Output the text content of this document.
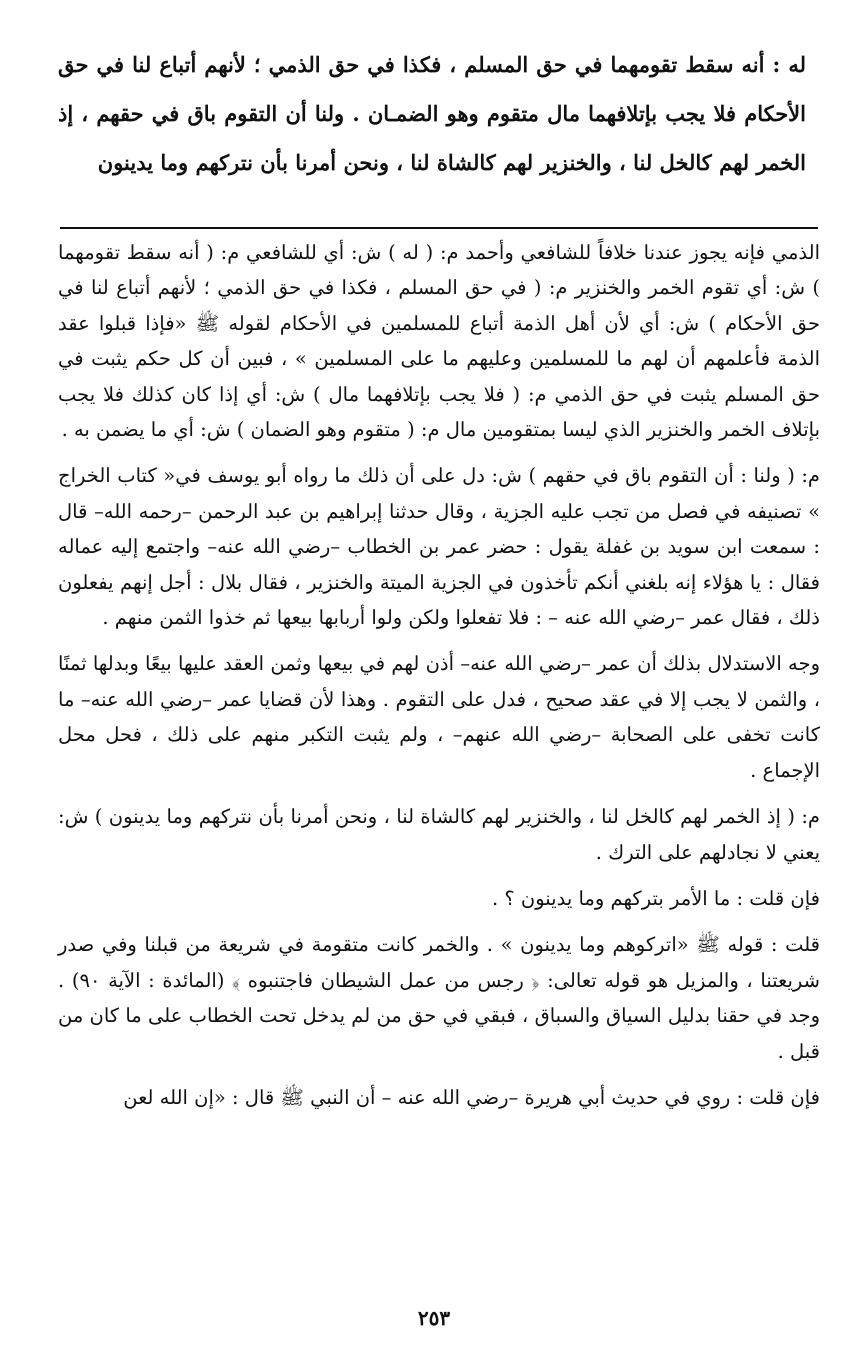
له : أنه سقط تقومهما في حق المسلم ، فكذا في حق الذمي ؛ لأنهم أتباع لنا في حق الأحكام فلا يجب بإتلافهما مال متقوم وهو الضمـان . ولنا أن التقوم باق في حقهم ، إذ الخمر لهم كالخل لنا ، والخنزير لهم كالشاة لنا ، ونحن أمرنا بأن نتركهم وما يدينون

الذمي فإنه يجوز عندنا خلافاً للشافعي وأحمد م: ( له ) ش: أي للشافعي م: ( أنه سقط تقومهما ) ش: أي تقوم الخمر والخنزير م: ( في حق المسلم ، فكذا في حق الذمي ؛ لأنهم أتباع لنا في حق الأحكام ) ش: أي لأن أهل الذمة أتباع للمسلمين في الأحكام لقوله ﷺ «فإذا قبلوا عقد الذمة فأعلمهم أن لهم ما للمسلمين وعليهم ما على المسلمين » ، فبين أن كل حكم يثبت في حق المسلم يثبت في حق الذمي م: ( فلا يجب بإتلافهما مال ) ش: أي إذا كان كذلك فلا يجب بإتلاف الخمر والخنزير الذي ليسا بمتقومين مال م: ( متقوم وهو الضمان ) ش: أي ما يضمن به .

م: ( ولنا : أن التقوم باق في حقهم ) ش: دل على أن ذلك ما رواه أبو يوسف في« كتاب الخراج » تصنيفه في فصل من تجب عليه الجزية ، وقال حدثنا إبراهيم بن عبد الرحمن –رحمه الله– قال : سمعت ابن سويد بن غفلة يقول : حضر عمر بن الخطاب –رضي الله عنه– واجتمع إليه عماله فقال : يا هؤلاء إنه بلغني أنكم تأخذون في الجزية الميتة والخنزير ، فقال بلال : أجل إنهم يفعلون ذلك ، فقال عمر –رضي الله عنه – : فلا تفعلوا ولكن ولوا أربابها بيعها ثم خذوا الثمن منهم .

وجه الاستدلال بذلك أن عمر –رضي الله عنه– أذن لهم في بيعها وثمن العقد عليها بيعًا وبدلها ثمنًا ، والثمن لا يجب إلا في عقد صحيح ، فدل على التقوم . وهذا لأن قضايا عمر –رضي الله عنه– ما كانت تخفى على الصحابة –رضي الله عنهم– ، ولم يثبت التكبر منهم على ذلك ، فحل محل الإجماع .

م: ( إذ الخمر لهم كالخل لنا ، والخنزير لهم كالشاة لنا ، ونحن أمرنا بأن نتركهم وما يدينون ) ش: يعني لا نجادلهم على الترك .

فإن قلت : ما الأمر بتركهم وما يدينون ؟ .

قلت : قوله ﷺ «اتركوهم وما يدينون » . والخمر كانت متقومة في شريعة من قبلنا وفي صدر شريعتنا ، والمزيل هو قوله تعالى: ﴿ رجس من عمل الشيطان فاجتنبوه ﴾ (المائدة : الآية ٩٠) . وجد في حقنا بدليل السياق والسباق ، فبقي في حق من لم يدخل تحت الخطاب على ما كان من قبل .

فإن قلت : روي في حديث أبي هريرة –رضي الله عنه – أن النبي ﷺ قال : «إن الله لعن

٢٥٣
